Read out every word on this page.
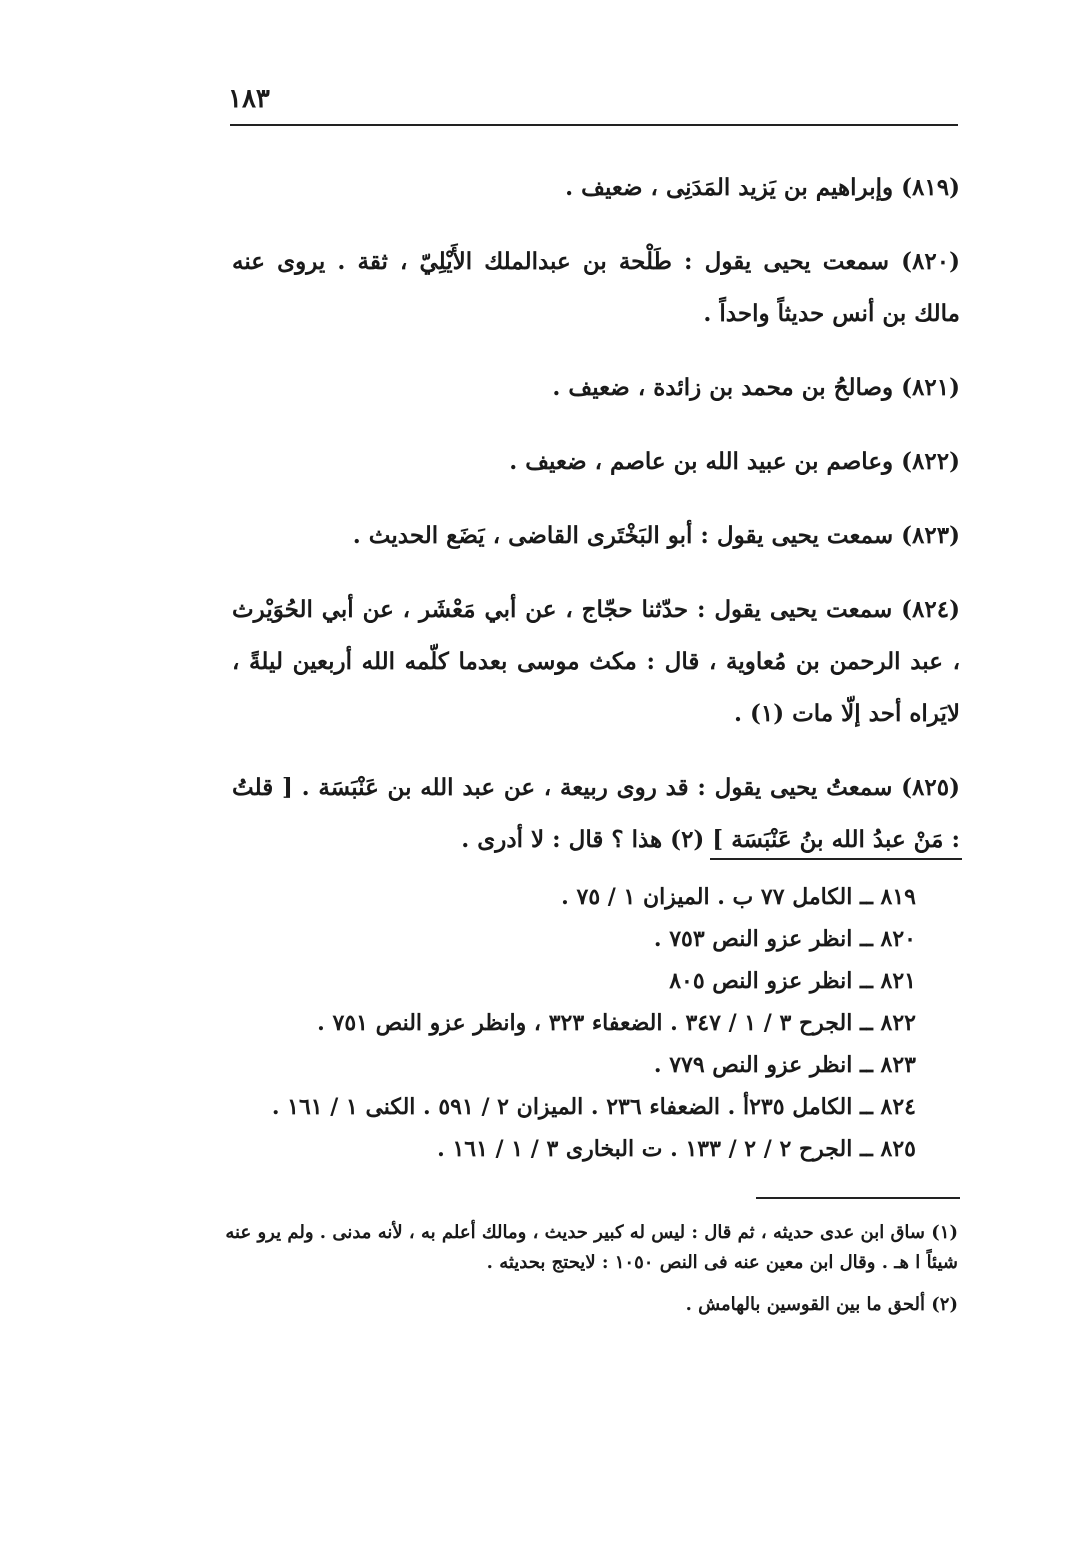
١٨٣

(٨١٩) وإبراهيم بن يَزيد المَدَنِى ، ضعيف .

(٨٢٠) سمعت يحيى يقول : طَلْحة بن عبدالملك الأَيْلِيّ ، ثقة . يروى عنه مالك بن أنس حديثاً واحداً .

(٨٢١) وصالحُ بن محمد بن زائدة ، ضعيف .

(٨٢٢) وعاصم بن عبيد الله بن عاصم ، ضعيف .

(٨٢٣) سمعت يحيى يقول : أبو البَخْتَرى القاضى ، يَضَع الحديث .

(٨٢٤) سمعت يحيى يقول : حدّثنا حجّاج ، عن أبي مَعْشَر ، عن أبي الحُوَيْرث ، عبد الرحمن بن مُعاوية ، قال : مكث موسى بعدما كلّمه الله أربعين ليلةً ، لايَراه أحد إلّا مات (١) .

(٨٢٥) سمعتُ يحيى يقول : قد روى ربيعة ، عن عبد الله بن عَنْبَسَة . [ قلتُ : مَنْ عبدُ الله بنُ عَنْبَسَة ] (٢) هذا ؟ قال : لا أدرى .

٨١٩ ــ الكامل ٧٧ ب . الميزان ١ / ٧٥ .
٨٢٠ ــ انظر عزو النص ٧٥٣ .
٨٢١ ــ انظر عزو النص ٨٠٥
٨٢٢ ــ الجرح ٣ / ١ / ٣٤٧ . الضعفاء ٣٢٣ ، وانظر عزو النص ٧٥١ .
٨٢٣ ــ انظر عزو النص ٧٧٩ .
٨٢٤ ــ الكامل ٢٣٥أ . الضعفاء ٢٣٦ . الميزان ٢ / ٥٩١ . الكنى ١ / ١٦١ .
٨٢٥ ــ الجرح ٢ / ٢ / ١٣٣ . ت البخارى ٣ / ١ / ١٦١ .

(١) ساق ابن عدى حديثه ، ثم قال : ليس له كبير حديث ، ومالك أعلم به ، لأنه مدنى . ولم يرو عنه شيئاً ا هـ . وقال ابن معين عنه فى النص ١٠٥٠ : لايحتج بحديثه .

(٢) ألحق ما بين القوسين بالهامش .
